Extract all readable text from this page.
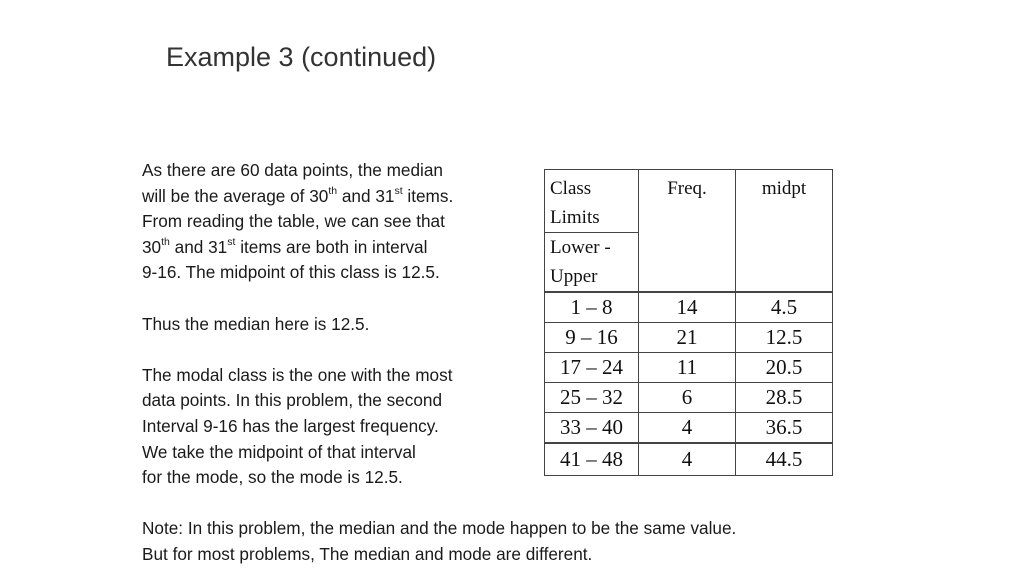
Example 3 (continued)

As there are 60 data points, the median

will be the average of 30th and 31st items.

From reading the table, we can see that

30th and 31st items are both in interval

9-16. The midpoint of this class is 12.5.

Thus the median here is 12.5.

The modal class is the one with the most

data points. In this problem, the second

Interval 9-16 has the largest frequency.

We take the midpoint of that interval

for the mode, so the mode is 12.5.

Class Limits	Freq.	midpt
Lower - Upper		
1 – 8	14	4.5
9 – 16	21	12.5
17 – 24	11	20.5
25 – 32	6	28.5
33 – 40	4	36.5
41 – 48	4	44.5

Note: In this problem, the median and the mode happen to be the same value.

But for most problems, The median and mode are different.
